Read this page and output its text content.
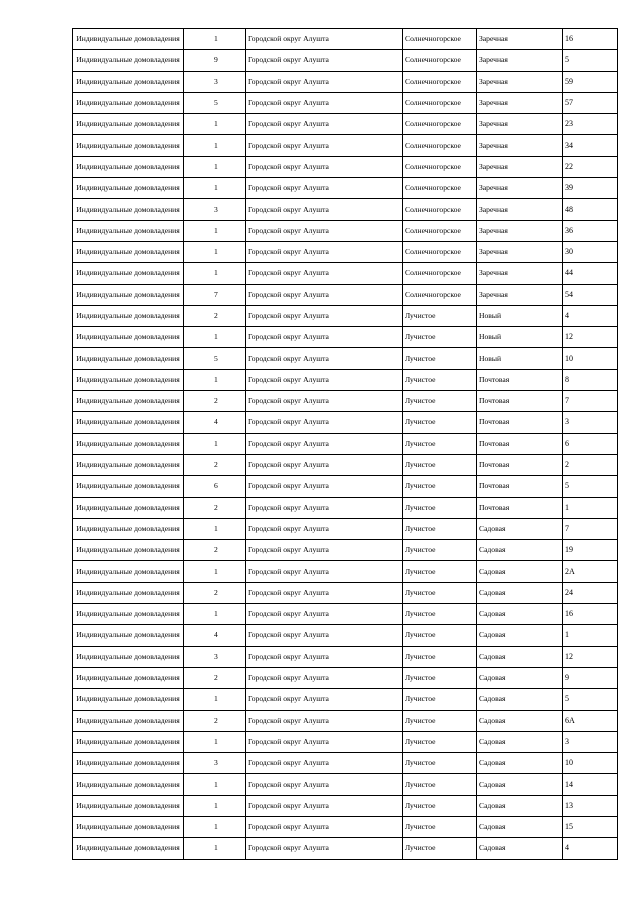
Индивидуальные домовладения	1	Городской округ Алушта	Солнечногорское	Заречная	16
Индивидуальные домовладения	9	Городской округ Алушта	Солнечногорское	Заречная	5
Индивидуальные домовладения	3	Городской округ Алушта	Солнечногорское	Заречная	59
Индивидуальные домовладения	5	Городской округ Алушта	Солнечногорское	Заречная	57
Индивидуальные домовладения	1	Городской округ Алушта	Солнечногорское	Заречная	23
Индивидуальные домовладения	1	Городской округ Алушта	Солнечногорское	Заречная	34
Индивидуальные домовладения	1	Городской округ Алушта	Солнечногорское	Заречная	22
Индивидуальные домовладения	1	Городской округ Алушта	Солнечногорское	Заречная	39
Индивидуальные домовладения	3	Городской округ Алушта	Солнечногорское	Заречная	48
Индивидуальные домовладения	1	Городской округ Алушта	Солнечногорское	Заречная	36
Индивидуальные домовладения	1	Городской округ Алушта	Солнечногорское	Заречная	30
Индивидуальные домовладения	1	Городской округ Алушта	Солнечногорское	Заречная	44
Индивидуальные домовладения	7	Городской округ Алушта	Солнечногорское	Заречная	54
Индивидуальные домовладения	2	Городской округ Алушта	Лучистое	Новый	4
Индивидуальные домовладения	1	Городской округ Алушта	Лучистое	Новый	12
Индивидуальные домовладения	5	Городской округ Алушта	Лучистое	Новый	10
Индивидуальные домовладения	1	Городской округ Алушта	Лучистое	Почтовая	8
Индивидуальные домовладения	2	Городской округ Алушта	Лучистое	Почтовая	7
Индивидуальные домовладения	4	Городской округ Алушта	Лучистое	Почтовая	3
Индивидуальные домовладения	1	Городской округ Алушта	Лучистое	Почтовая	6
Индивидуальные домовладения	2	Городской округ Алушта	Лучистое	Почтовая	2
Индивидуальные домовладения	6	Городской округ Алушта	Лучистое	Почтовая	5
Индивидуальные домовладения	2	Городской округ Алушта	Лучистое	Почтовая	1
Индивидуальные домовладения	1	Городской округ Алушта	Лучистое	Садовая	7
Индивидуальные домовладения	2	Городской округ Алушта	Лучистое	Садовая	19
Индивидуальные домовладения	1	Городской округ Алушта	Лучистое	Садовая	2А
Индивидуальные домовладения	2	Городской округ Алушта	Лучистое	Садовая	24
Индивидуальные домовладения	1	Городской округ Алушта	Лучистое	Садовая	16
Индивидуальные домовладения	4	Городской округ Алушта	Лучистое	Садовая	1
Индивидуальные домовладения	3	Городской округ Алушта	Лучистое	Садовая	12
Индивидуальные домовладения	2	Городской округ Алушта	Лучистое	Садовая	9
Индивидуальные домовладения	1	Городской округ Алушта	Лучистое	Садовая	5
Индивидуальные домовладения	2	Городской округ Алушта	Лучистое	Садовая	6А
Индивидуальные домовладения	1	Городской округ Алушта	Лучистое	Садовая	3
Индивидуальные домовладения	3	Городской округ Алушта	Лучистое	Садовая	10
Индивидуальные домовладения	1	Городской округ Алушта	Лучистое	Садовая	14
Индивидуальные домовладения	1	Городской округ Алушта	Лучистое	Садовая	13
Индивидуальные домовладения	1	Городской округ Алушта	Лучистое	Садовая	15
Индивидуальные домовладения	1	Городской округ Алушта	Лучистое	Садовая	4
